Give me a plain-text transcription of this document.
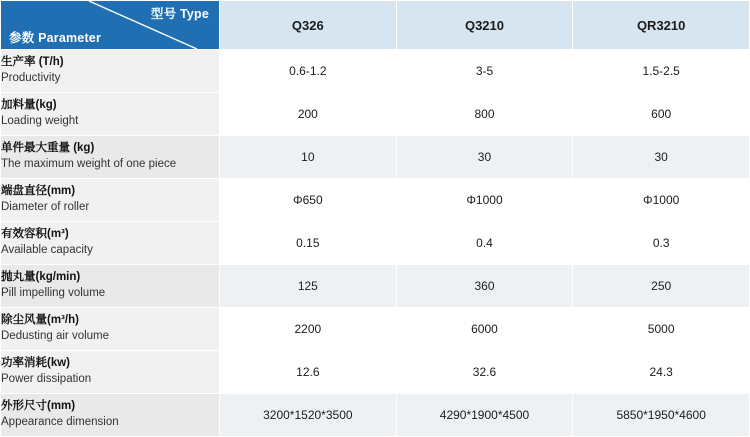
型号 Type
参数 Parameter	Q326	Q3210	QR3210

生产率 (T/h)
Productivity	0.6-1.2	3-5	1.5-2.5

加料量(kg)
Loading weight	200	800	600

单件最大重量 (kg)
The maximum weight of one piece	10	30	30

端盘直径(mm)
Diameter of roller	Φ650	Φ1000	Φ1000

有效容积(m³)
Available capacity	0.15	0.4	0.3

抛丸量(kg/min)
Pill impelling volume	125	360	250

除尘风量(m³/h)
Dedusting air volume	2200	6000	5000

功率消耗(kw)
Power dissipation	12.6	32.6	24.3

外形尺寸(mm)
Appearance dimension	3200*1520*3500	4290*1900*4500	5850*1950*4600
